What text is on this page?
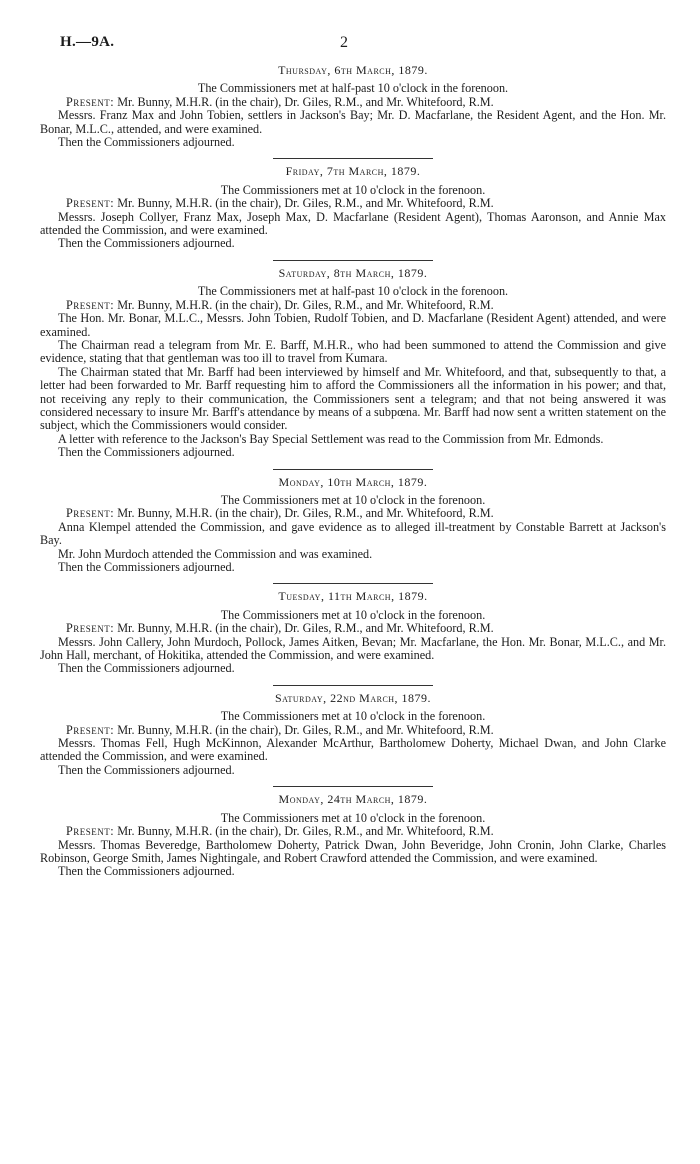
H.—9A.	2
Thursday, 6th March, 1879.

The Commissioners met at half-past 10 o'clock in the forenoon.

Present: Mr. Bunny, M.H.R. (in the chair), Dr. Giles, R.M., and Mr. Whitefoord, R.M.

Messrs. Franz Max and John Tobien, settlers in Jackson's Bay; Mr. D. Macfarlane, the Resident Agent, and the Hon. Mr. Bonar, M.L.C., attended, and were examined.

Then the Commissioners adjourned.

Friday, 7th March, 1879.

The Commissioners met at 10 o'clock in the forenoon.

Present: Mr. Bunny, M.H.R. (in the chair), Dr. Giles, R.M., and Mr. Whitefoord, R.M.

Messrs. Joseph Collyer, Franz Max, Joseph Max, D. Macfarlane (Resident Agent), Thomas Aaronson, and Annie Max attended the Commission, and were examined.

Then the Commissioners adjourned.

Saturday, 8th March, 1879.

The Commissioners met at half-past 10 o'clock in the forenoon.

Present: Mr. Bunny, M.H.R. (in the chair), Dr. Giles, R.M., and Mr. Whitefoord, R.M.

The Hon. Mr. Bonar, M.L.C., Messrs. John Tobien, Rudolf Tobien, and D. Macfarlane (Resident Agent) attended, and were examined.

The Chairman read a telegram from Mr. E. Barff, M.H.R., who had been summoned to attend the Commission and give evidence, stating that that gentleman was too ill to travel from Kumara.

The Chairman stated that Mr. Barff had been interviewed by himself and Mr. Whitefoord, and that, subsequently to that, a letter had been forwarded to Mr. Barff requesting him to afford the Commissioners all the information in his power; and that, not receiving any reply to their communication, the Commissioners sent a telegram; and that not being answered it was considered necessary to insure Mr. Barff's attendance by means of a subpœna. Mr. Barff had now sent a written statement on the subject, which the Commissioners would consider.

A letter with reference to the Jackson's Bay Special Settlement was read to the Commission from Mr. Edmonds.

Then the Commissioners adjourned.

Monday, 10th March, 1879.

The Commissioners met at 10 o'clock in the forenoon.

Present: Mr. Bunny, M.H.R. (in the chair), Dr. Giles, R.M., and Mr. Whitefoord, R.M.

Anna Klempel attended the Commission, and gave evidence as to alleged ill-treatment by Constable Barrett at Jackson's Bay.

Mr. John Murdoch attended the Commission and was examined.

Then the Commissioners adjourned.

Tuesday, 11th March, 1879.

The Commissioners met at 10 o'clock in the forenoon.

Present: Mr. Bunny, M.H.R. (in the chair), Dr. Giles, R.M., and Mr. Whitefoord, R.M.

Messrs. John Callery, John Murdoch, Pollock, James Aitken, Bevan; Mr. Macfarlane, the Hon. Mr. Bonar, M.L.C., and Mr. John Hall, merchant, of Hokitika, attended the Commission, and were examined.

Then the Commissioners adjourned.

Saturday, 22nd March, 1879.

The Commissioners met at 10 o'clock in the forenoon.

Present: Mr. Bunny, M.H.R. (in the chair), Dr. Giles, R.M., and Mr. Whitefoord, R.M.

Messrs. Thomas Fell, Hugh McKinnon, Alexander McArthur, Bartholomew Doherty, Michael Dwan, and John Clarke attended the Commission, and were examined.

Then the Commissioners adjourned.

Monday, 24th March, 1879.

The Commissioners met at 10 o'clock in the forenoon.

Present: Mr. Bunny, M.H.R. (in the chair), Dr. Giles, R.M., and Mr. Whitefoord, R.M.

Messrs. Thomas Beveredge, Bartholomew Doherty, Patrick Dwan, John Beveridge, John Cronin, John Clarke, Charles Robinson, George Smith, James Nightingale, and Robert Crawford attended the Commission, and were examined.

Then the Commissioners adjourned.
